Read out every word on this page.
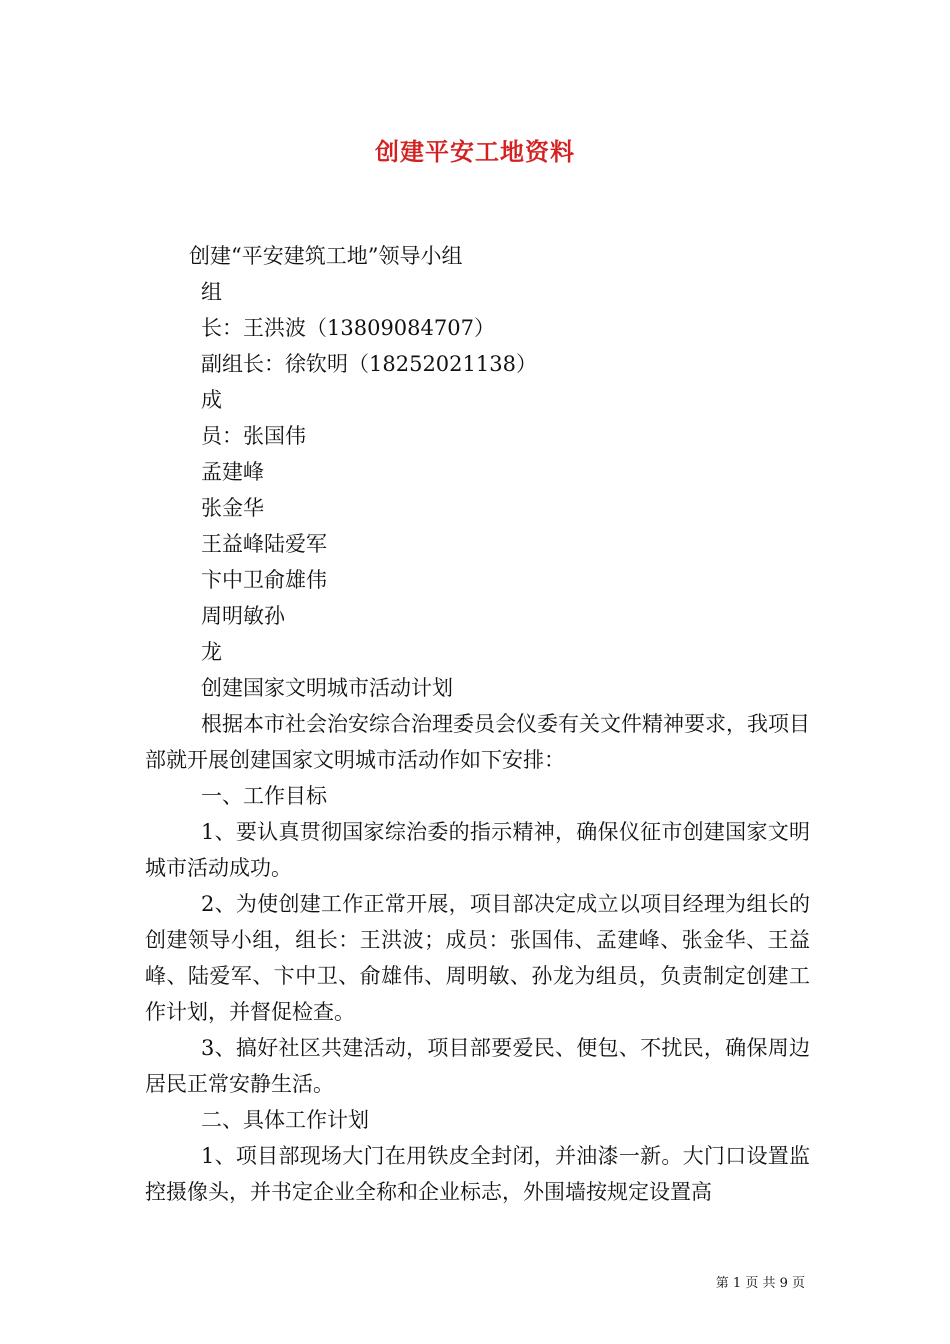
创建平安工地资料
创建“平安建筑工地”领导小组
组
长：王洪波（13809084707）
副组长：徐钦明（18252021138）
成
员：张国伟
孟建峰
张金华
王益峰陆爱军
卞中卫俞雄伟
周明敏孙
龙
创建国家文明城市活动计划
根据本市社会治安综合治理委员会仪委有关文件精神要求，我项目部就开展创建国家文明城市活动作如下安排：
一、工作目标
1、要认真贯彻国家综治委的指示精神，确保仪征市创建国家文明城市活动成功。
2、为使创建工作正常开展，项目部决定成立以项目经理为组长的创建领导小组，组长：王洪波；成员：张国伟、孟建峰、张金华、王益峰、陆爱军、卞中卫、俞雄伟、周明敏、孙龙为组员，负责制定创建工作计划，并督促检查。
3、搞好社区共建活动，项目部要爱民、便包、不扰民，确保周边居民正常安静生活。
二、具体工作计划
1、项目部现场大门在用铁皮全封闭，并油漆一新。大门口设置监控摄像头，并书定企业全称和企业标志，外围墙按规定设置高
第 1 页 共 9 页
